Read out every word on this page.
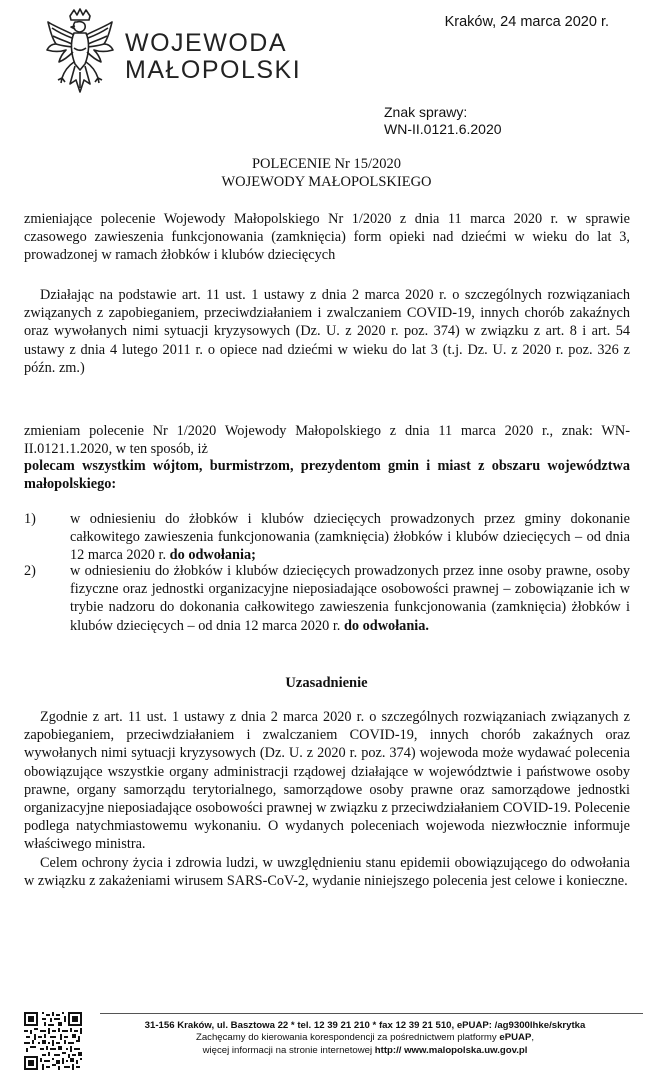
WOJEWODA
MAŁOPOLSKI
Kraków, 24 marca 2020 r.
Znak sprawy:
WN-II.0121.6.2020
POLECENIE Nr 15/2020
WOJEWODY MAŁOPOLSKIEGO

zmieniające polecenie Wojewody Małopolskiego Nr 1/2020 z dnia 11 marca 2020 r. w sprawie czasowego zawieszenia funkcjonowania (zamknięcia) form opieki nad dziećmi w wieku do lat 3, prowadzonej w ramach żłobków i klubów dziecięcych

Działając na podstawie art. 11 ust. 1 ustawy z dnia 2 marca 2020 r. o szczególnych rozwiązaniach związanych z zapobieganiem, przeciwdziałaniem i zwalczaniem COVID-19, innych chorób zakaźnych oraz wywołanych nimi sytuacji kryzysowych (Dz. U. z 2020 r. poz. 374) w związku z art. 8 i art. 54 ustawy z dnia 4 lutego 2011 r. o opiece nad dziećmi w wieku do lat 3 (t.j. Dz. U. z 2020 r. poz. 326 z późn. zm.)

zmieniam polecenie Nr 1/2020 Wojewody Małopolskiego z dnia 11 marca 2020 r., znak: WN-II.0121.1.2020, w ten sposób, iż

polecam wszystkim wójtom, burmistrzom, prezydentom gmin i miast z obszaru województwa małopolskiego:

1)	w odniesieniu do żłobków i klubów dziecięcych prowadzonych przez gminy dokonanie całkowitego zawieszenia funkcjonowania (zamknięcia) żłobków i klubów dziecięcych – od dnia 12 marca 2020 r. do odwołania;
2)	w odniesieniu do żłobków i klubów dziecięcych prowadzonych przez inne osoby prawne, osoby fizyczne oraz jednostki organizacyjne nieposiadające osobowości prawnej – zobowiązanie ich w trybie nadzoru do dokonania całkowitego zawieszenia funkcjonowania (zamknięcia) żłobków i klubów dziecięcych – od dnia 12 marca 2020 r. do odwołania.
Uzasadnienie

Zgodnie z art. 11 ust. 1 ustawy z dnia 2 marca 2020 r. o szczególnych rozwiązaniach związanych z zapobieganiem, przeciwdziałaniem i zwalczaniem COVID-19, innych chorób zakaźnych oraz wywołanych nimi sytuacji kryzysowych (Dz. U. z 2020 r. poz. 374) wojewoda może wydawać polecenia obowiązujące wszystkie organy administracji rządowej działające w województwie i państwowe osoby prawne, organy samorządu terytorialnego, samorządowe osoby prawne oraz samorządowe jednostki organizacyjne nieposiadające osobowości prawnej w związku z przeciwdziałaniem COVID-19. Polecenie podlega natychmiastowemu wykonaniu. O wydanych poleceniach wojewoda niezwłocznie informuje właściwego ministra.

Celem ochrony życia i zdrowia ludzi, w uwzględnieniu stanu epidemii obowiązującego do odwołania w związku z zakażeniami wirusem SARS-CoV-2, wydanie niniejszego polecenia jest celowe i konieczne.

31-156 Kraków, ul. Basztowa 22 * tel. 12 39 21 210 * fax 12 39 21 510, ePUAP: /ag9300lhke/skrytka
Zachęcamy do kierowania korespondencji za pośrednictwem platformy ePUAP,
więcej informacji na stronie internetowej http:// www.malopolska.uw.gov.pl
